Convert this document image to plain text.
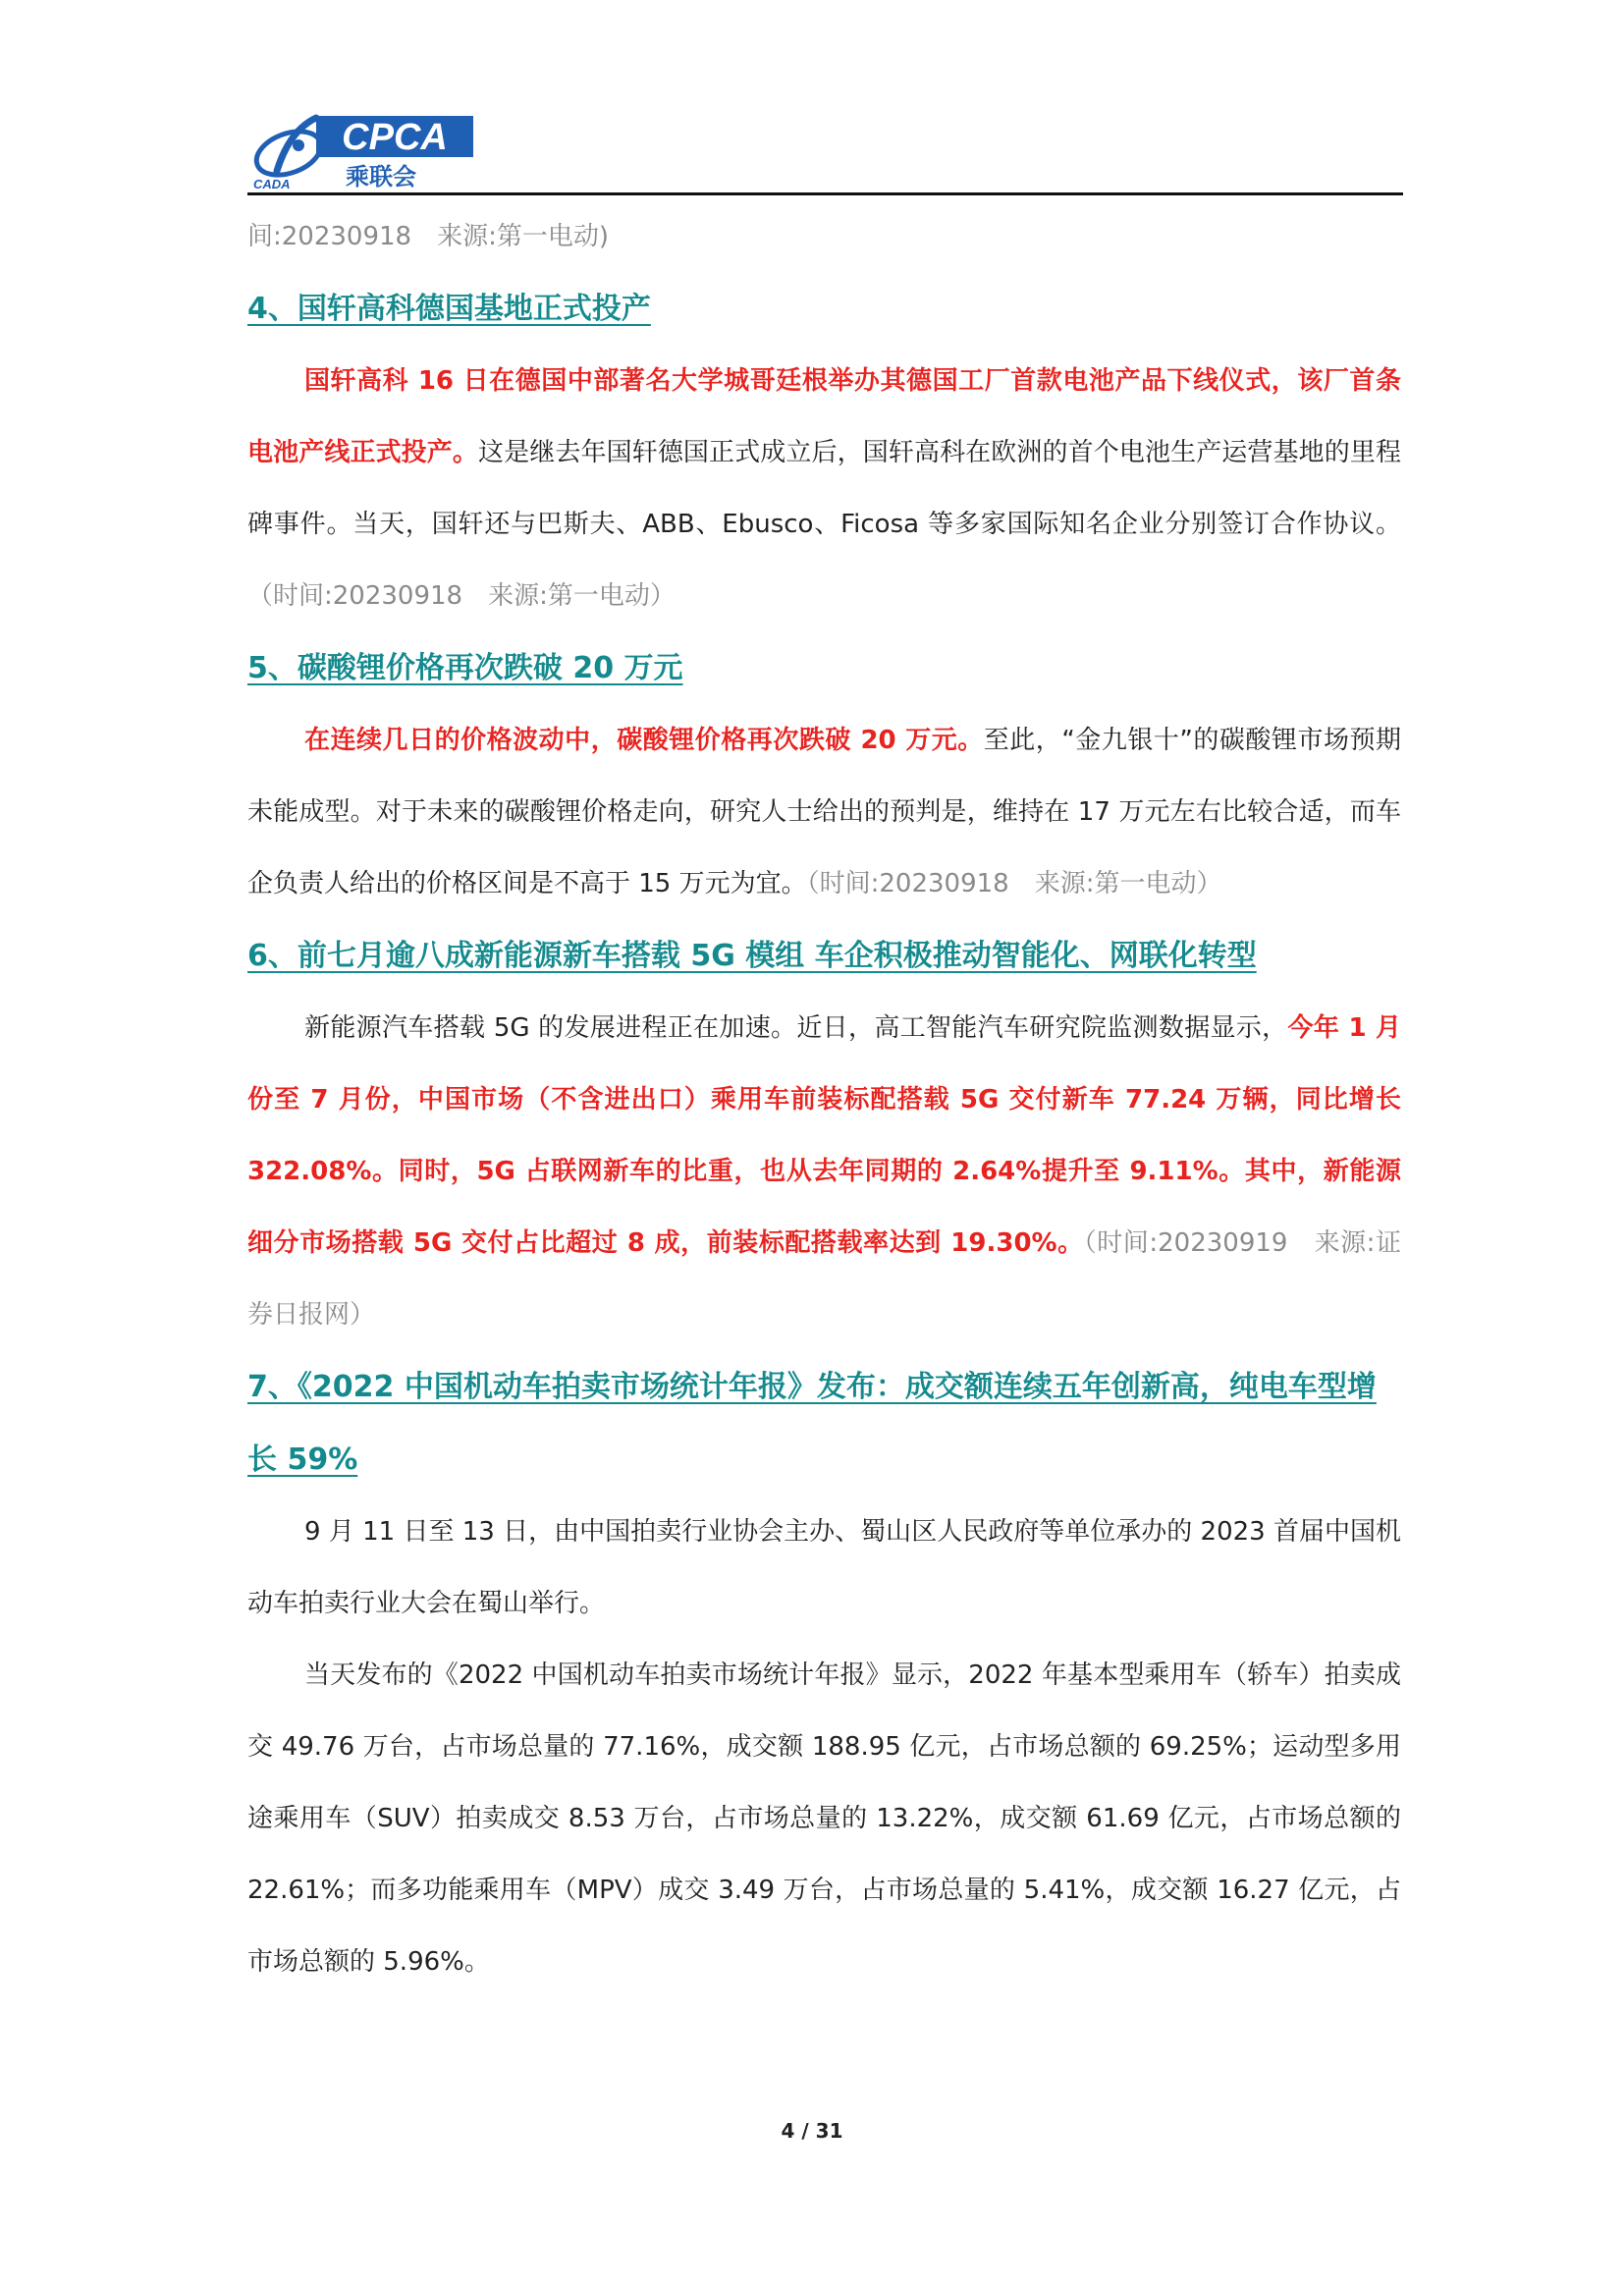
CPCA
乘联会
CADA

间:20230918　来源:第一电动)

4、国轩高科德国基地正式投产

国轩高科 16 日在德国中部著名大学城哥廷根举办其德国工厂首款电池产品下线仪式，该厂首条电池产线正式投产。这是继去年国轩德国正式成立后，国轩高科在欧洲的首个电池生产运营基地的里程碑事件。当天，国轩还与巴斯夫、ABB、Ebusco、Ficosa 等多家国际知名企业分别签订合作协议。（时间:20230918　来源:第一电动）

5、碳酸锂价格再次跌破 20 万元

在连续几日的价格波动中，碳酸锂价格再次跌破 20 万元。至此，“金九银十”的碳酸锂市场预期未能成型。对于未来的碳酸锂价格走向，研究人士给出的预判是，维持在 17 万元左右比较合适，而车企负责人给出的价格区间是不高于 15 万元为宜。（时间:20230918　来源:第一电动）

6、前七月逾八成新能源新车搭载 5G 模组 车企积极推动智能化、网联化转型

新能源汽车搭载 5G 的发展进程正在加速。近日，高工智能汽车研究院监测数据显示，今年 1 月份至 7 月份，中国市场（不含进出口）乘用车前装标配搭载 5G 交付新车 77.24 万辆，同比增长 322.08%。同时，5G 占联网新车的比重，也从去年同期的 2.64%提升至 9.11%。其中，新能源细分市场搭载 5G 交付占比超过 8 成，前装标配搭载率达到 19.30%。（时间:20230919　来源:证券日报网）

7、《2022 中国机动车拍卖市场统计年报》发布：成交额连续五年创新高，纯电车型增长 59%

9 月 11 日至 13 日，由中国拍卖行业协会主办、蜀山区人民政府等单位承办的 2023 首届中国机动车拍卖行业大会在蜀山举行。

当天发布的《2022 中国机动车拍卖市场统计年报》显示，2022 年基本型乘用车（轿车）拍卖成交 49.76 万台，占市场总量的 77.16%，成交额 188.95 亿元，占市场总额的 69.25%；运动型多用途乘用车（SUV）拍卖成交 8.53 万台，占市场总量的 13.22%，成交额 61.69 亿元，占市场总额的 22.61%；而多功能乘用车（MPV）成交 3.49 万台，占市场总量的 5.41%，成交额 16.27 亿元，占市场总额的 5.96%。

4 / 31
